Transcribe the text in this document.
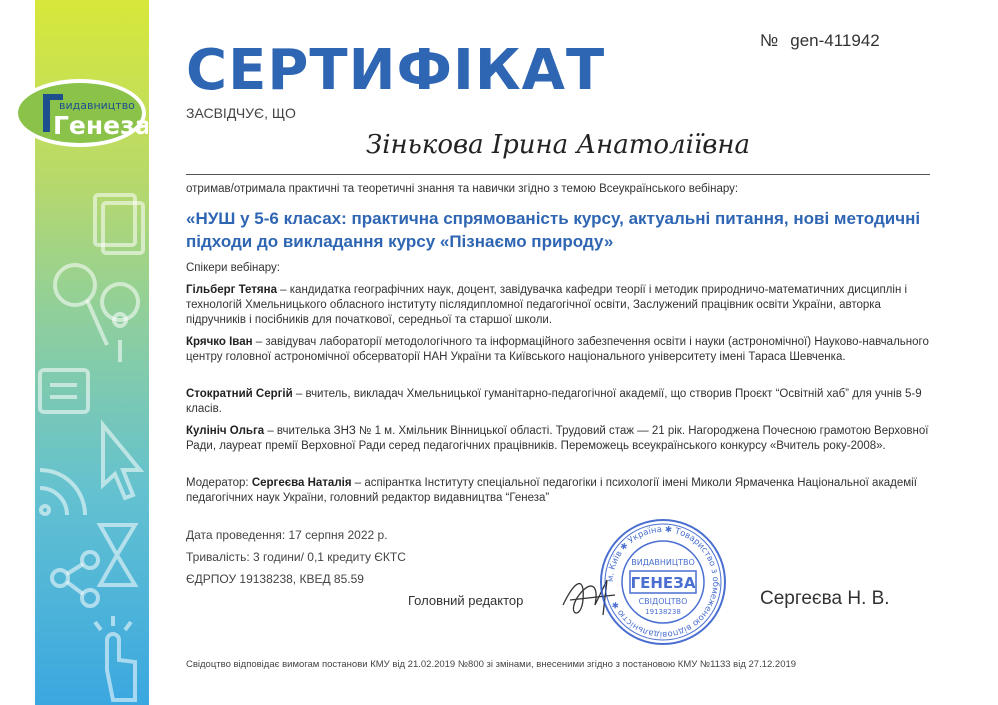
видавництво
Генеза
СЕРТИФІКАТ	№ gen-411942
ЗАСВІДЧУЄ, ЩО
Зінькова Ірина Анатоліївна
отримав/отримала практичні та теоретичні знання та навички згідно з темою Всеукраїнського вебінару:
«НУШ у 5-6 класах: практична спрямованість курсу, актуальні питання, нові методичні підходи до викладання курсу «Пізнаємо природу»
Спікери вебінару:
Гільберг Тетяна – кандидатка географічних наук, доцент, завідувачка кафедри теорії і методик природничо-математичних дисциплін і технологій Хмельницького обласного інституту післядипломної педагогічної освіти, Заслужений працівник освіти України, авторка підручників і посібників для початкової, середньої та старшої школи.
Крячко Іван – завідувач лабораторії методологічного та інформаційного забезпечення освіти і науки (астрономічної) Науково-навчального центру головної астрономічної обсерваторії НАН України та Київського національного університету імені Тараса Шевченка.
Стократний Сергій – вчитель, викладач Хмельницької гуманітарно-педагогічної академії, що створив Проєкт “Освітній хаб” для учнів 5-9 класів.
Кулініч Ольга – вчителька ЗНЗ № 1 м. Хмільник Вінницької області. Трудовий стаж — 21 рік. Нагороджена Почесною грамотою Верховної Ради, лауреат премії Верховної Ради серед педагогічних працівників. Переможець всеукраїнського конкурсу «Вчитель року-2008».
Модератор: Сергеєва Наталія – аспірантка Інституту спеціальної педагогіки і психології імені Миколи Ярмаченка Національної академії педагогічних наук України, головний редактор видавництва “Генеза”
Дата проведення: 17 серпня 2022 р.
Тривалість: 3 години/ 0,1 кредиту ЄКТС
ЄДРПОУ 19138238, КВЕД 85.59
Головний редактор
м. Київ ✱ Україна ✱ Товариство з обмеженою відповідальністю ✱
ВИДАВНИЦТВО
ГЕНЕЗА
СВІДОЦТВО
19138238
Сергеєва Н. В.
Свідоцтво відповідає вимогам постанови КМУ від 21.02.2019 №800 зі змінами, внесеними згідно з постановою КМУ №1133 від 27.12.2019
